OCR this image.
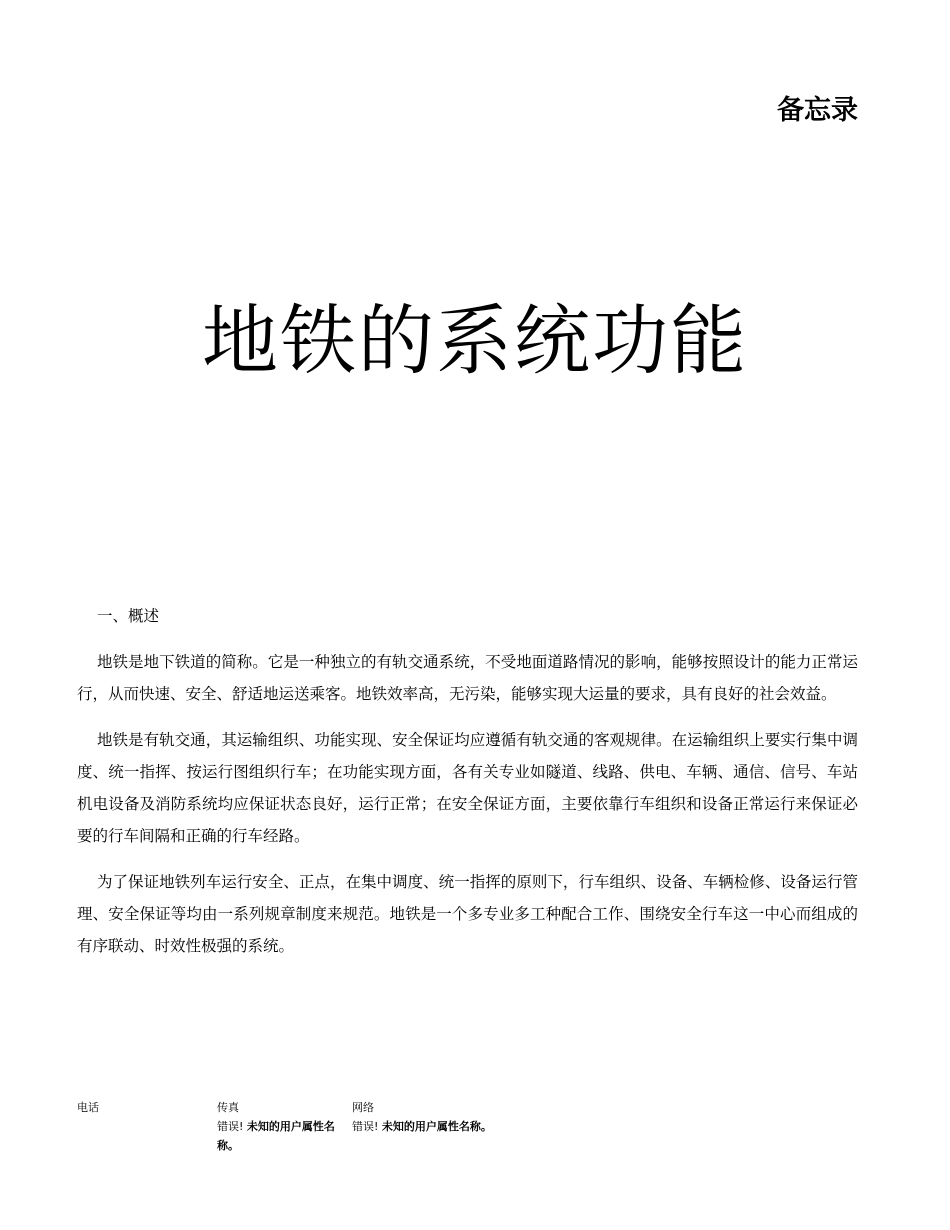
备忘录
地铁的系统功能

一、概述

地铁是地下铁道的简称。它是一种独立的有轨交通系统，不受地面道路情况的影响，能够按照设计的能力正常运行，从而快速、安全、舒适地运送乘客。地铁效率高，无污染，能够实现大运量的要求，具有良好的社会效益。

地铁是有轨交通，其运输组织、功能实现、安全保证均应遵循有轨交通的客观规律。在运输组织上要实行集中调度、统一指挥、按运行图组织行车；在功能实现方面，各有关专业如隧道、线路、供电、车辆、通信、信号、车站机电设备及消防系统均应保证状态良好，运行正常；在安全保证方面，主要依靠行车组织和设备正常运行来保证必要的行车间隔和正确的行车经路。

为了保证地铁列车运行安全、正点，在集中调度、统一指挥的原则下，行车组织、设备、车辆检修、设备运行管理、安全保证等均由一系列规章制度来规范。地铁是一个多专业多工种配合工作、围绕安全行车这一中心而组成的有序联动、时效性极强的系统。

电话	传真
错误! 未知的用户属性名称。
网络
错误! 未知的用户属性名称。
